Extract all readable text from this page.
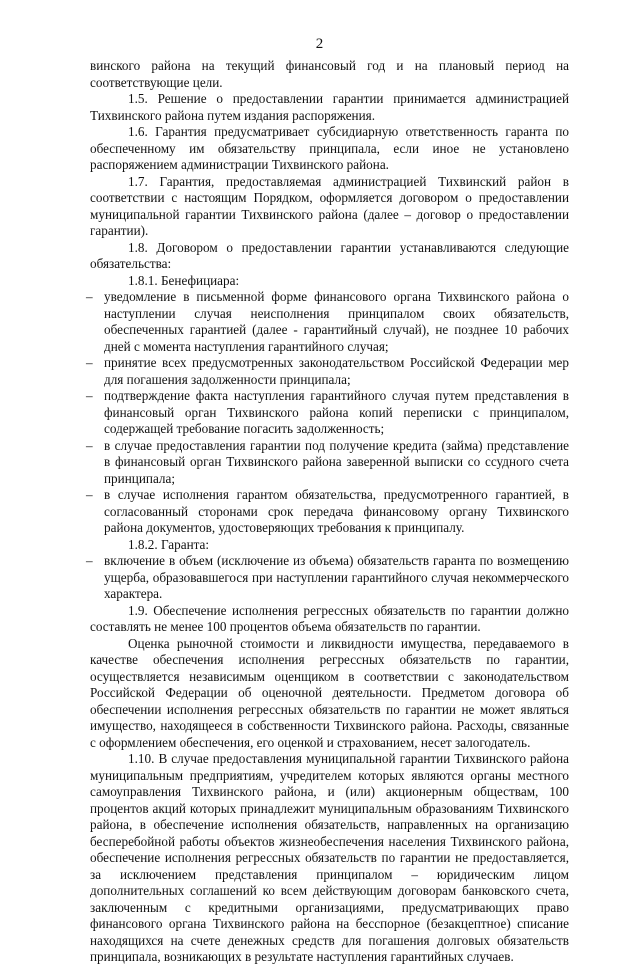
2

винского района на текущий финансовый год и на плановый период на соответствующие цели.

1.5. Решение о предоставлении гарантии принимается администрацией Тихвинского района путем издания распоряжения.

1.6. Гарантия предусматривает субсидиарную ответственность гаранта по обеспеченному им обязательству принципала, если иное не установлено распоряжением администрации Тихвинского района.

1.7. Гарантия, предоставляемая администрацией Тихвинский район в соответствии с настоящим Порядком, оформляется договором о предоставлении муниципальной гарантии Тихвинского района (далее – договор о предоставлении гарантии).

1.8. Договором о предоставлении гарантии устанавливаются следующие обязательства:

1.8.1. Бенефициара:

– уведомление в письменной форме финансового органа Тихвинского района о наступлении случая неисполнения принципалом своих обязательств, обеспеченных гарантией (далее - гарантийный случай), не позднее 10 рабочих дней с момента наступления гарантийного случая;

– принятие всех предусмотренных законодательством Российской Федерации мер для погашения задолженности принципала;

– подтверждение факта наступления гарантийного случая путем представления в финансовый орган Тихвинского района копий переписки с принципалом, содержащей требование погасить задолженность;

– в случае предоставления гарантии под получение кредита (займа) представление в финансовый орган Тихвинского района заверенной выписки со ссудного счета принципала;

– в случае исполнения гарантом обязательства, предусмотренного гарантией, в согласованный сторонами срок передача финансовому органу Тихвинского района документов, удостоверяющих требования к принципалу.

1.8.2. Гаранта:

– включение в объем (исключение из объема) обязательств гаранта по возмещению ущерба, образовавшегося при наступлении гарантийного случая некоммерческого характера.

1.9. Обеспечение исполнения регрессных обязательств по гарантии должно составлять не менее 100 процентов объема обязательств по гарантии.

Оценка рыночной стоимости и ликвидности имущества, передаваемого в качестве обеспечения исполнения регрессных обязательств по гарантии, осуществляется независимым оценщиком в соответствии с законодательством Российской Федерации об оценочной деятельности. Предметом договора об обеспечении исполнения регрессных обязательств по гарантии не может являться имущество, находящееся в собственности Тихвинского района. Расходы, связанные с оформлением обеспечения, его оценкой и страхованием, несет залогодатель.

1.10. В случае предоставления муниципальной гарантии Тихвинского района муниципальным предприятиям, учредителем которых являются органы местного самоуправления Тихвинского района, и (или) акционерным обществам, 100 процентов акций которых принадлежит муниципальным образованиям Тихвинского района, в обеспечение исполнения обязательств, направленных на организацию бесперебойной работы объектов жизнеобеспечения населения Тихвинского района, обеспечение исполнения регрессных обязательств по гарантии не предоставляется, за исключением представления принципалом – юридическим лицом дополнительных соглашений ко всем действующим договорам банковского счета, заключенным с кредитными организациями, предусматривающих право финансового органа Тихвинского района на бесспорное (безакцептное) списание находящихся на счете денежных средств для погашения долговых обязательств принципала, возникающих в результате наступления гарантийных случаев.
